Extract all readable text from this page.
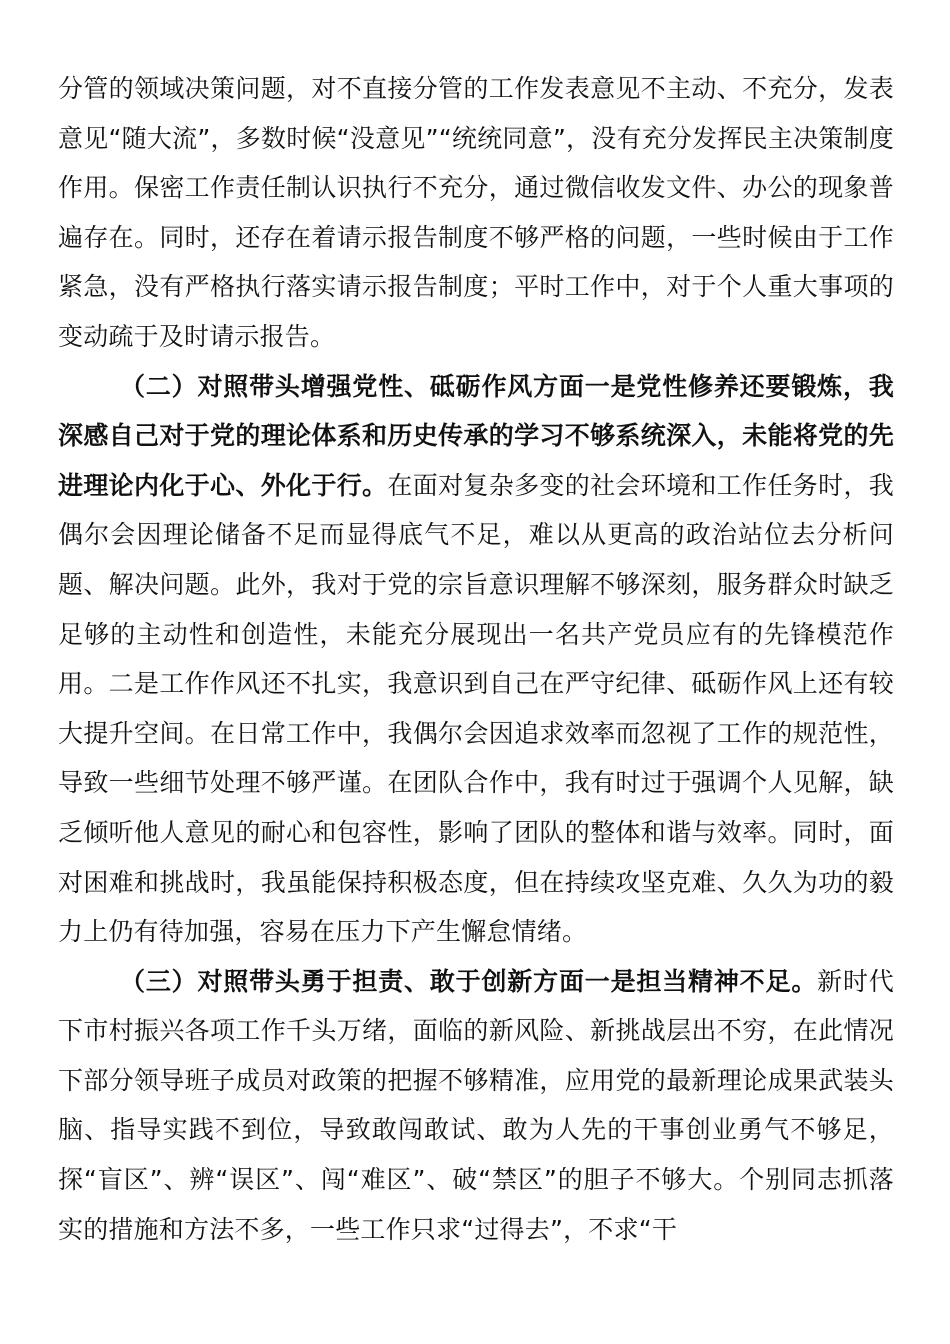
分管的领域决策问题，对不直接分管的工作发表意见不主动、不充分，发表意见“随大流”，多数时候“没意见”“统统同意”，没有充分发挥民主决策制度作用。保密工作责任制认识执行不充分，通过微信收发文件、办公的现象普遍存在。同时，还存在着请示报告制度不够严格的问题，一些时候由于工作紧急，没有严格执行落实请示报告制度；平时工作中，对于个人重大事项的变动疏于及时请示报告。

（二）对照带头增强党性、砥砺作风方面一是党性修养还要锻炼，我深感自己对于党的理论体系和历史传承的学习不够系统深入，未能将党的先进理论内化于心、外化于行。在面对复杂多变的社会环境和工作任务时，我偶尔会因理论储备不足而显得底气不足，难以从更高的政治站位去分析问题、解决问题。此外，我对于党的宗旨意识理解不够深刻，服务群众时缺乏足够的主动性和创造性，未能充分展现出一名共产党员应有的先锋模范作用。二是工作作风还不扎实，我意识到自己在严守纪律、砥砺作风上还有较大提升空间。在日常工作中，我偶尔会因追求效率而忽视了工作的规范性，导致一些细节处理不够严谨。在团队合作中，我有时过于强调个人见解，缺乏倾听他人意见的耐心和包容性，影响了团队的整体和谐与效率。同时，面对困难和挑战时，我虽能保持积极态度，但在持续攻坚克难、久久为功的毅力上仍有待加强，容易在压力下产生懈怠情绪。

（三）对照带头勇于担责、敢于创新方面一是担当精神不足。新时代下市村振兴各项工作千头万绪，面临的新风险、新挑战层出不穷，在此情况下部分领导班子成员对政策的把握不够精准，应用党的最新理论成果武装头脑、指导实践不到位，导致敢闯敢试、敢为人先的干事创业勇气不够足，探“盲区”、辨“误区”、闯“难区”、破“禁区”的胆子不够大。个别同志抓落实的措施和方法不多，一些工作只求“过得去”，不求“干
